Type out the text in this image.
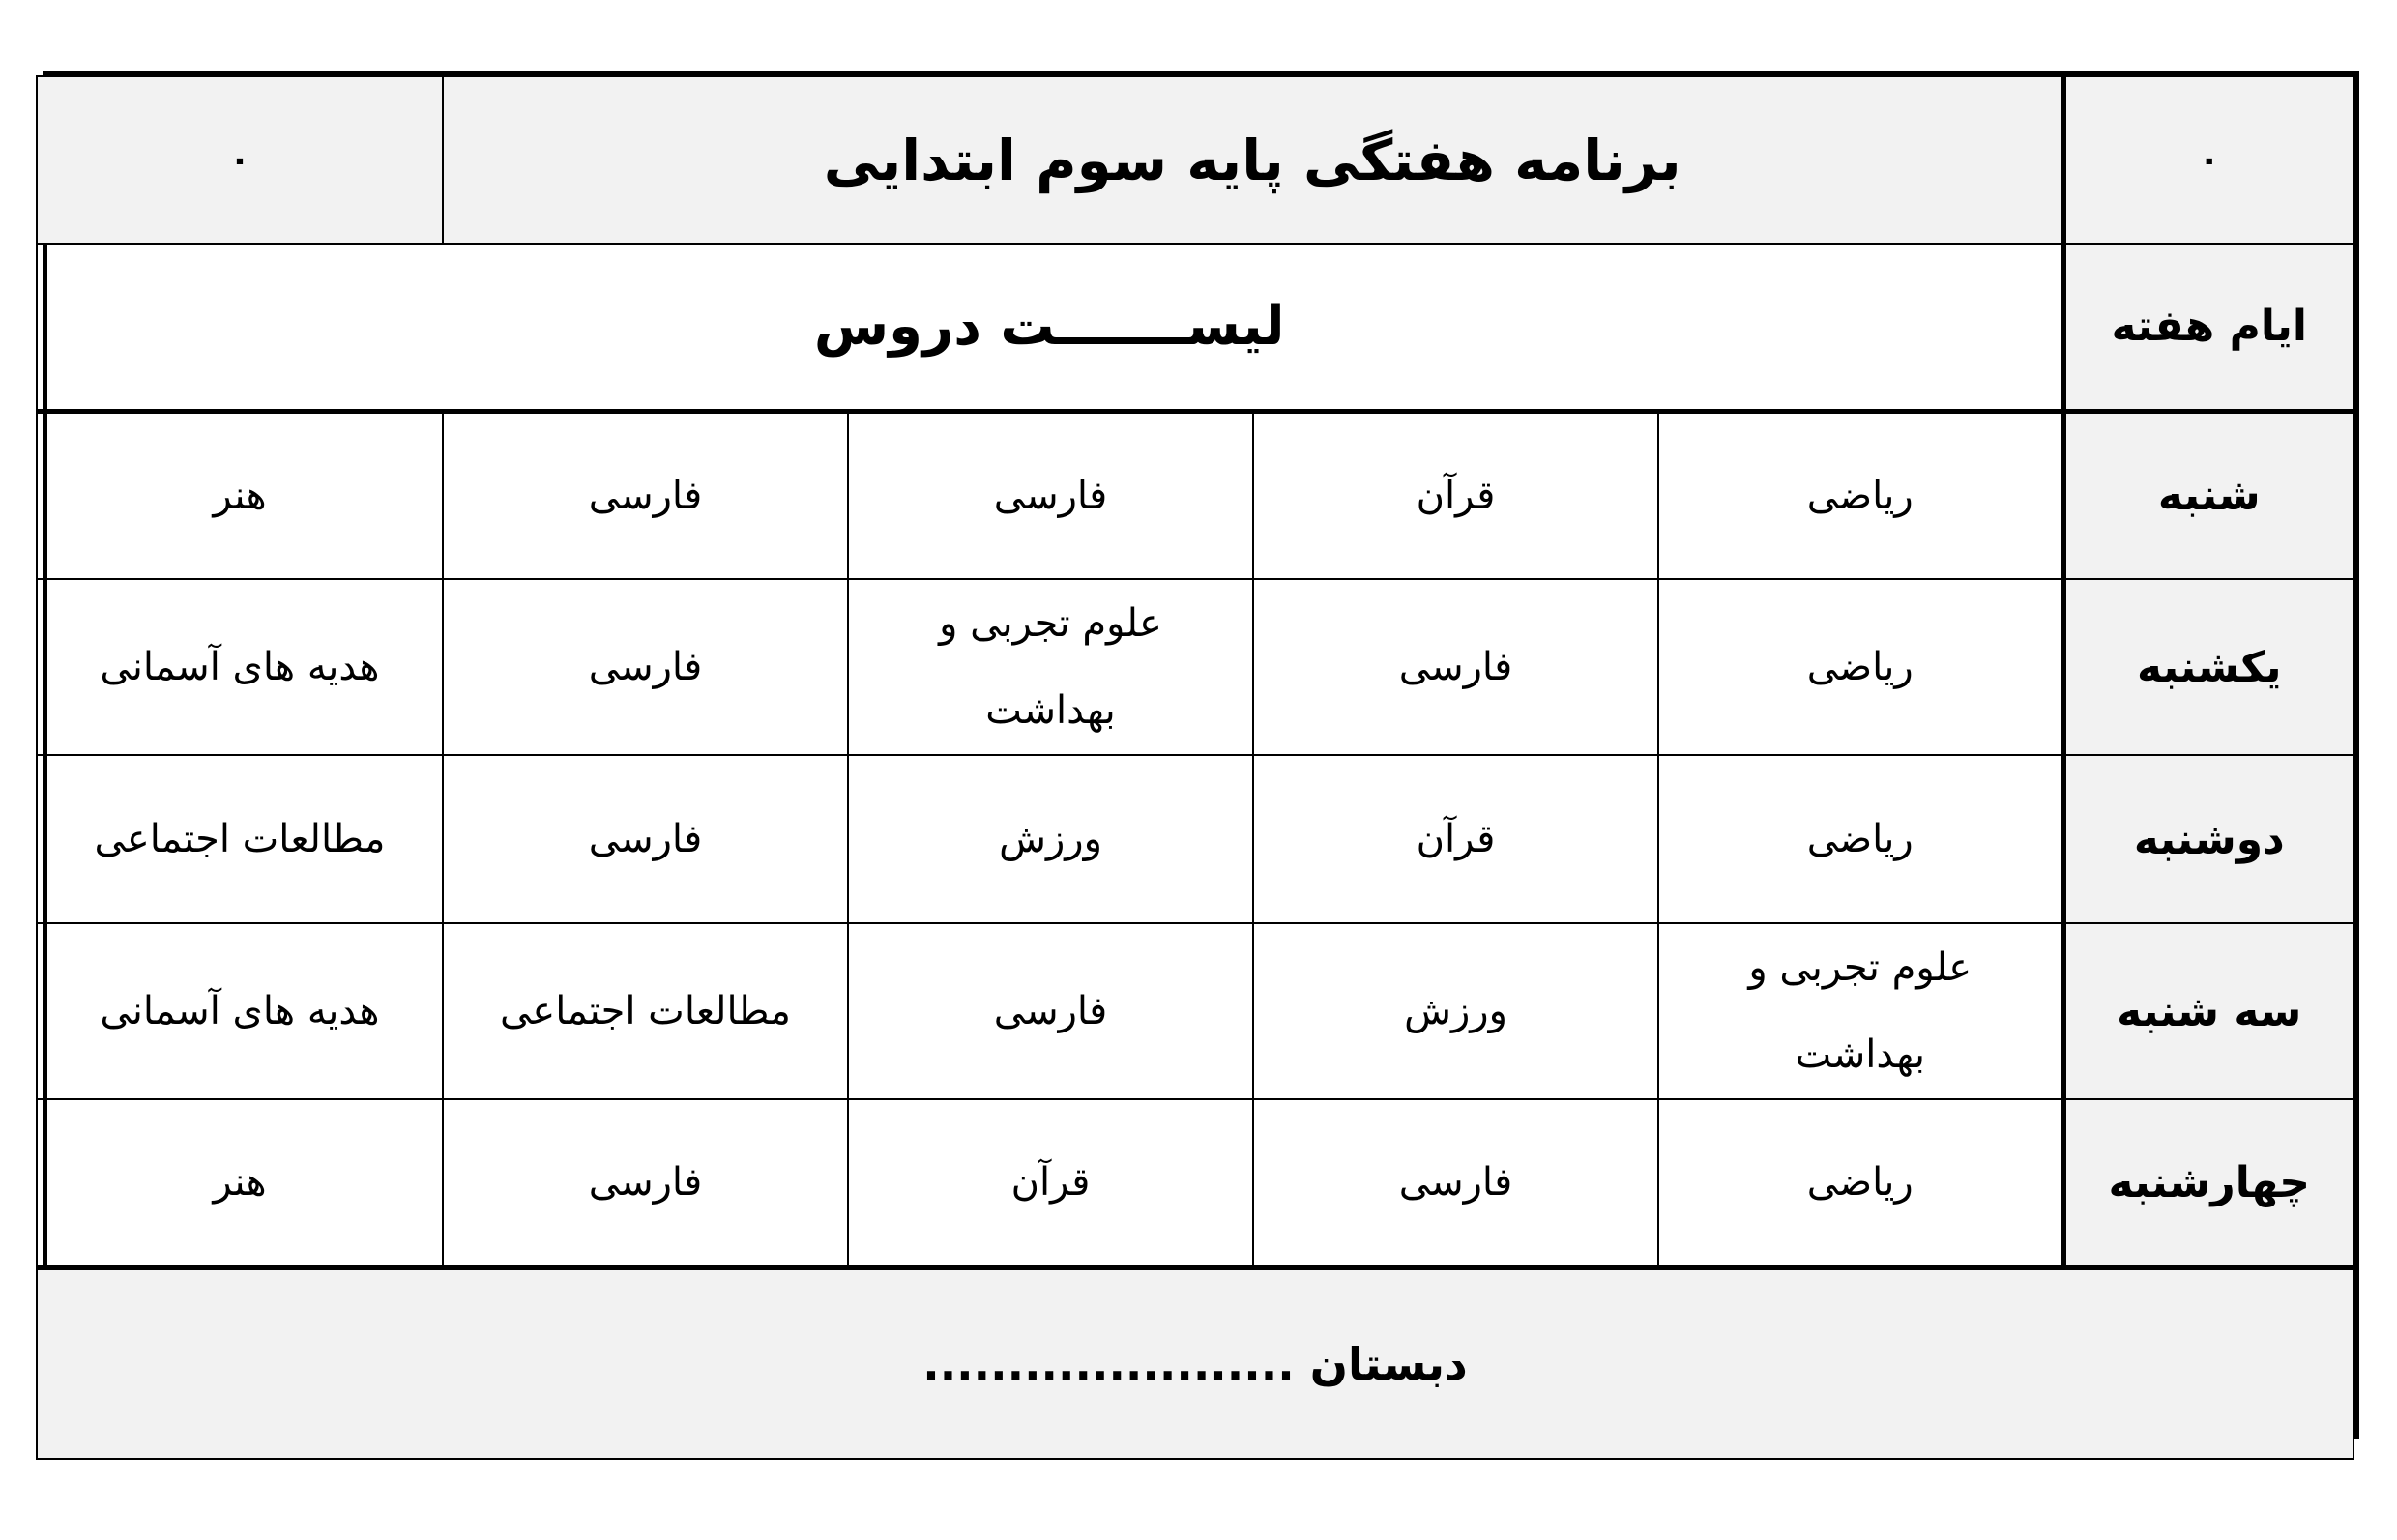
۰	برنامه هفتگی پایه سوم ابتدایی				۰
ایام هفته	لیســـــــت دروس				
شنبه	ریاضی	قرآن	فارسی	فارسی	هنر
یکشنبه	ریاضی	فارسی	علوم تجربی و بهداشت	فارسی	هدیه های آسمانی
دوشنبه	ریاضی	قرآن	ورزش	فارسی	مطالعات اجتماعی
سه شنبه	علوم تجربی و بهداشت	ورزش	فارسی	مطالعات اجتماعی	هدیه های آسمانی
چهارشنبه	ریاضی	فارسی	قرآن	فارسی	هنر
دبستان ......................					
